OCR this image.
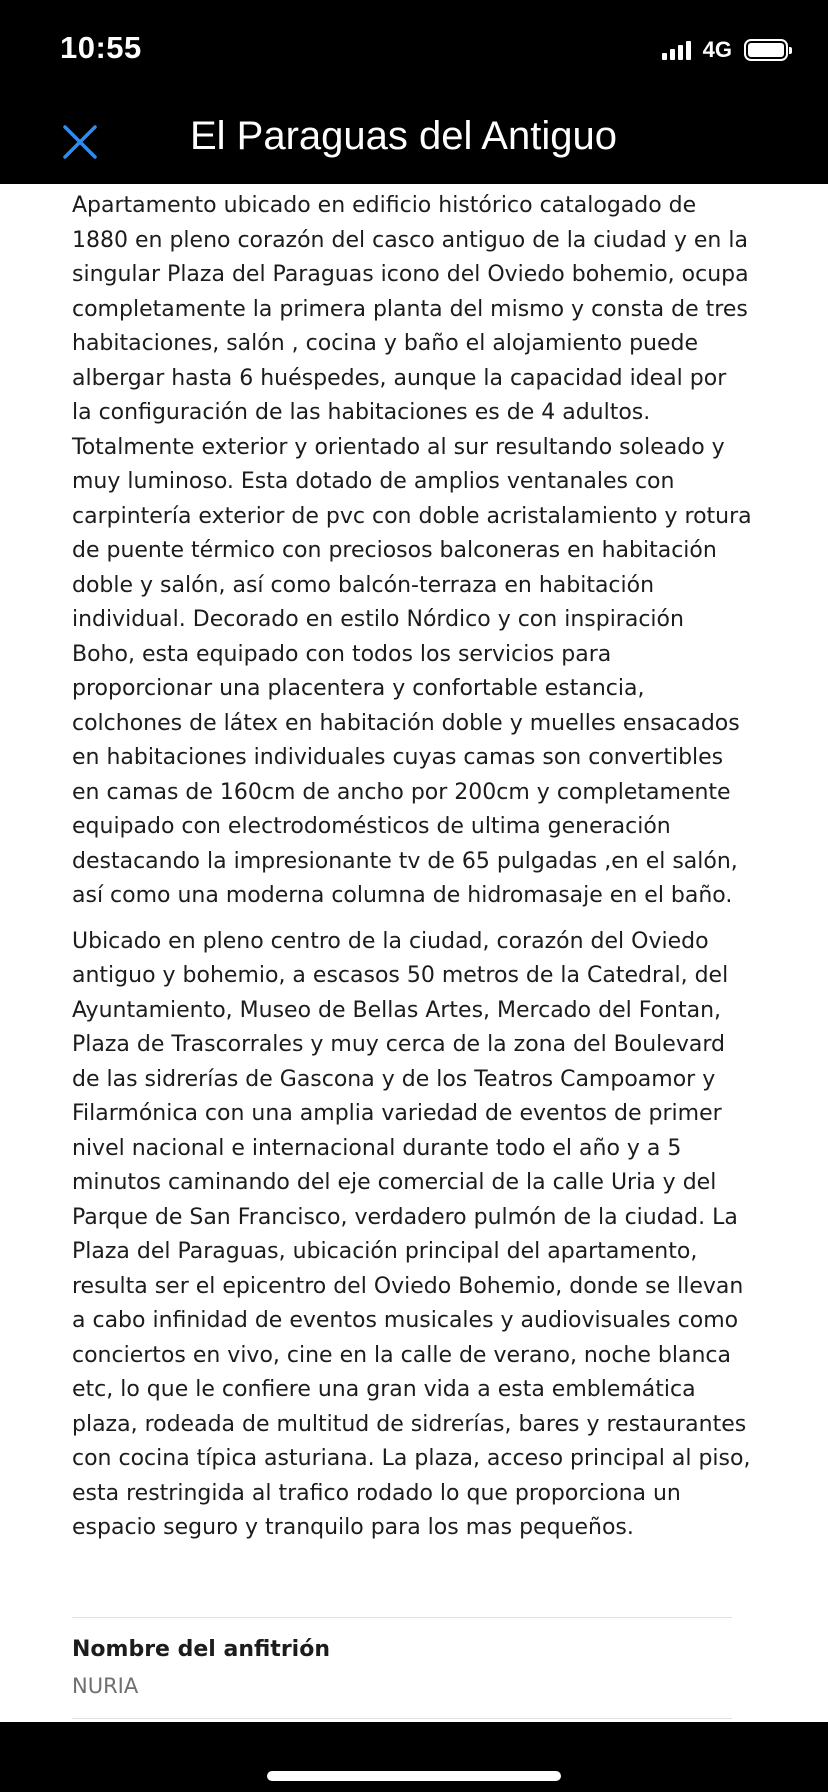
10:55	4G
El Paraguas del Antiguo

Apartamento ubicado en edificio histórico catalogado de 1880 en pleno corazón del casco antiguo de la ciudad y en la singular Plaza del Paraguas icono del Oviedo bohemio, ocupa completamente la primera planta del mismo y consta de tres habitaciones, salón , cocina y baño el alojamiento puede albergar hasta 6 huéspedes, aunque la capacidad ideal por la configuración de las habitaciones es de 4 adultos. Totalmente exterior y orientado al sur resultando soleado y muy luminoso. Esta dotado de amplios ventanales con carpintería exterior de pvc con doble acristalamiento y rotura de puente térmico con preciosos balconeras en habitación doble y salón, así como balcón-terraza en habitación individual. Decorado en estilo Nórdico y con inspiración Boho, esta equipado con todos los servicios para proporcionar una placentera y confortable estancia, colchones de látex en habitación doble y muelles ensacados en habitaciones individuales cuyas camas son convertibles en camas de 160cm de ancho por 200cm y completamente equipado con electrodomésticos de ultima generación destacando la impresionante tv de 65 pulgadas ,en el salón, así como una moderna columna de hidromasaje en el baño.

Ubicado en pleno centro de la ciudad, corazón del Oviedo antiguo y bohemio, a escasos 50 metros de la Catedral, del Ayuntamiento, Museo de Bellas Artes, Mercado del Fontan, Plaza de Trascorrales y muy cerca de la zona del Boulevard de las sidrerías de Gascona y de los Teatros Campoamor y Filarmónica con una amplia variedad de eventos de primer nivel nacional e internacional durante todo el año y a 5 minutos caminando del eje comercial de la calle Uria y del Parque de San Francisco, verdadero pulmón de la ciudad. La Plaza del Paraguas, ubicación principal del apartamento, resulta ser el epicentro del Oviedo Bohemio, donde se llevan a cabo infinidad de eventos musicales y audiovisuales como conciertos en vivo, cine en la calle de verano, noche blanca etc, lo que le confiere una gran vida a esta emblemática plaza, rodeada de multitud de sidrerías, bares y restaurantes con cocina típica asturiana. La plaza, acceso principal al piso, esta restringida al trafico rodado lo que proporciona un espacio seguro y tranquilo para los mas pequeños.

Nombre del anfitrión
NURIA
